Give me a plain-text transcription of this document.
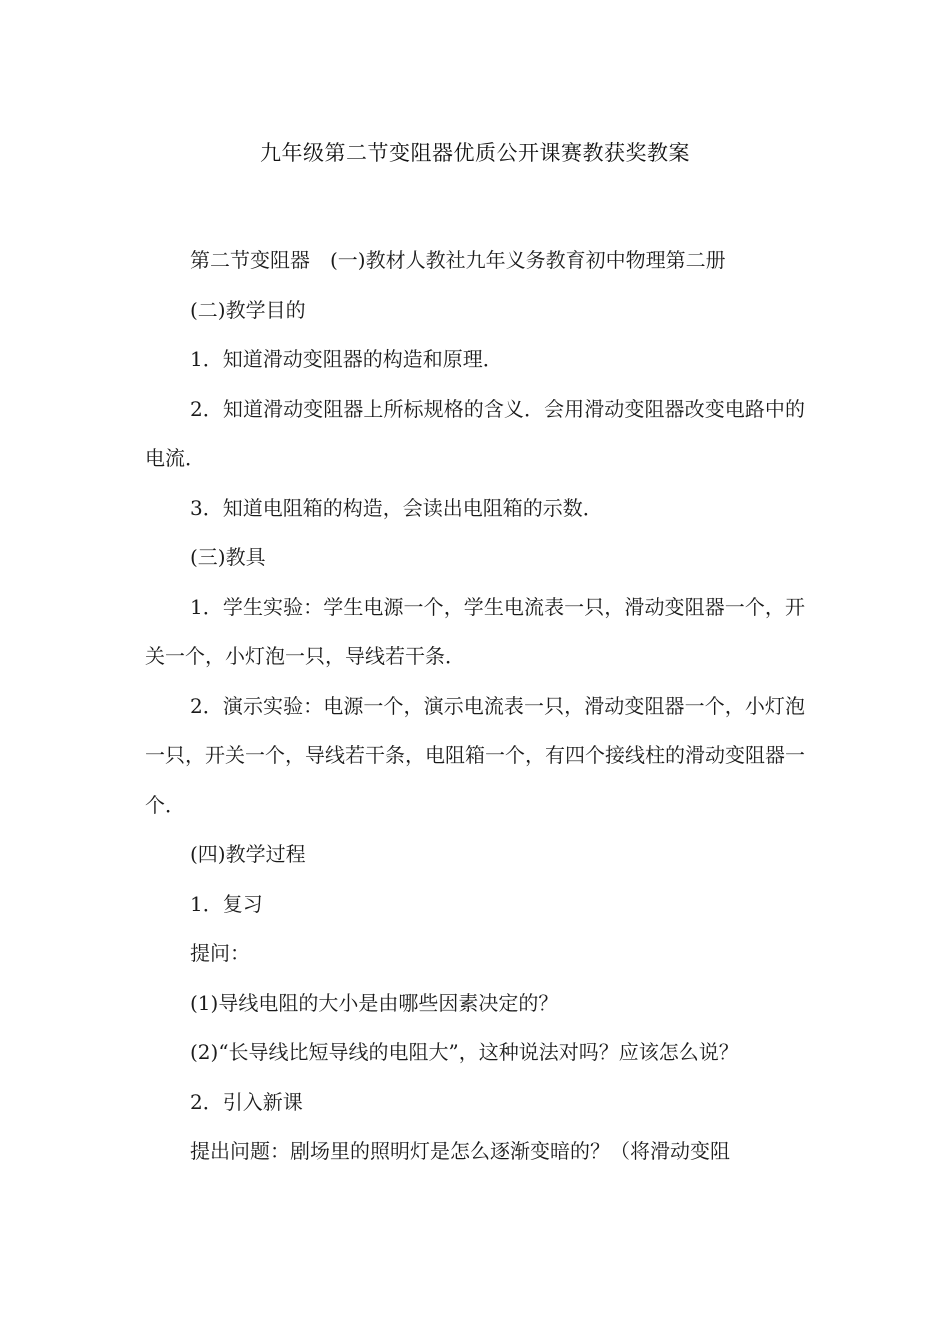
九年级第二节变阻器优质公开课赛教获奖教案

第二节变阻器　(一)教材人教社九年义务教育初中物理第二册

(二)教学目的

1．知道滑动变阻器的构造和原理．

2．知道滑动变阻器上所标规格的含义．会用滑动变阻器改变电路中的电流．

3．知道电阻箱的构造，会读出电阻箱的示数．

(三)教具

1．学生实验：学生电源一个，学生电流表一只，滑动变阻器一个，开关一个，小灯泡一只，导线若干条．

2．演示实验：电源一个，演示电流表一只，滑动变阻器一个，小灯泡一只，开关一个，导线若干条，电阻箱一个，有四个接线柱的滑动变阻器一个．

(四)教学过程

1．复习

提问：

(1)导线电阻的大小是由哪些因素决定的？

(2)“长导线比短导线的电阻大”，这种说法对吗？应该怎么说？

2．引入新课

提出问题：剧场里的照明灯是怎么逐渐变暗的？（将滑动变阻
